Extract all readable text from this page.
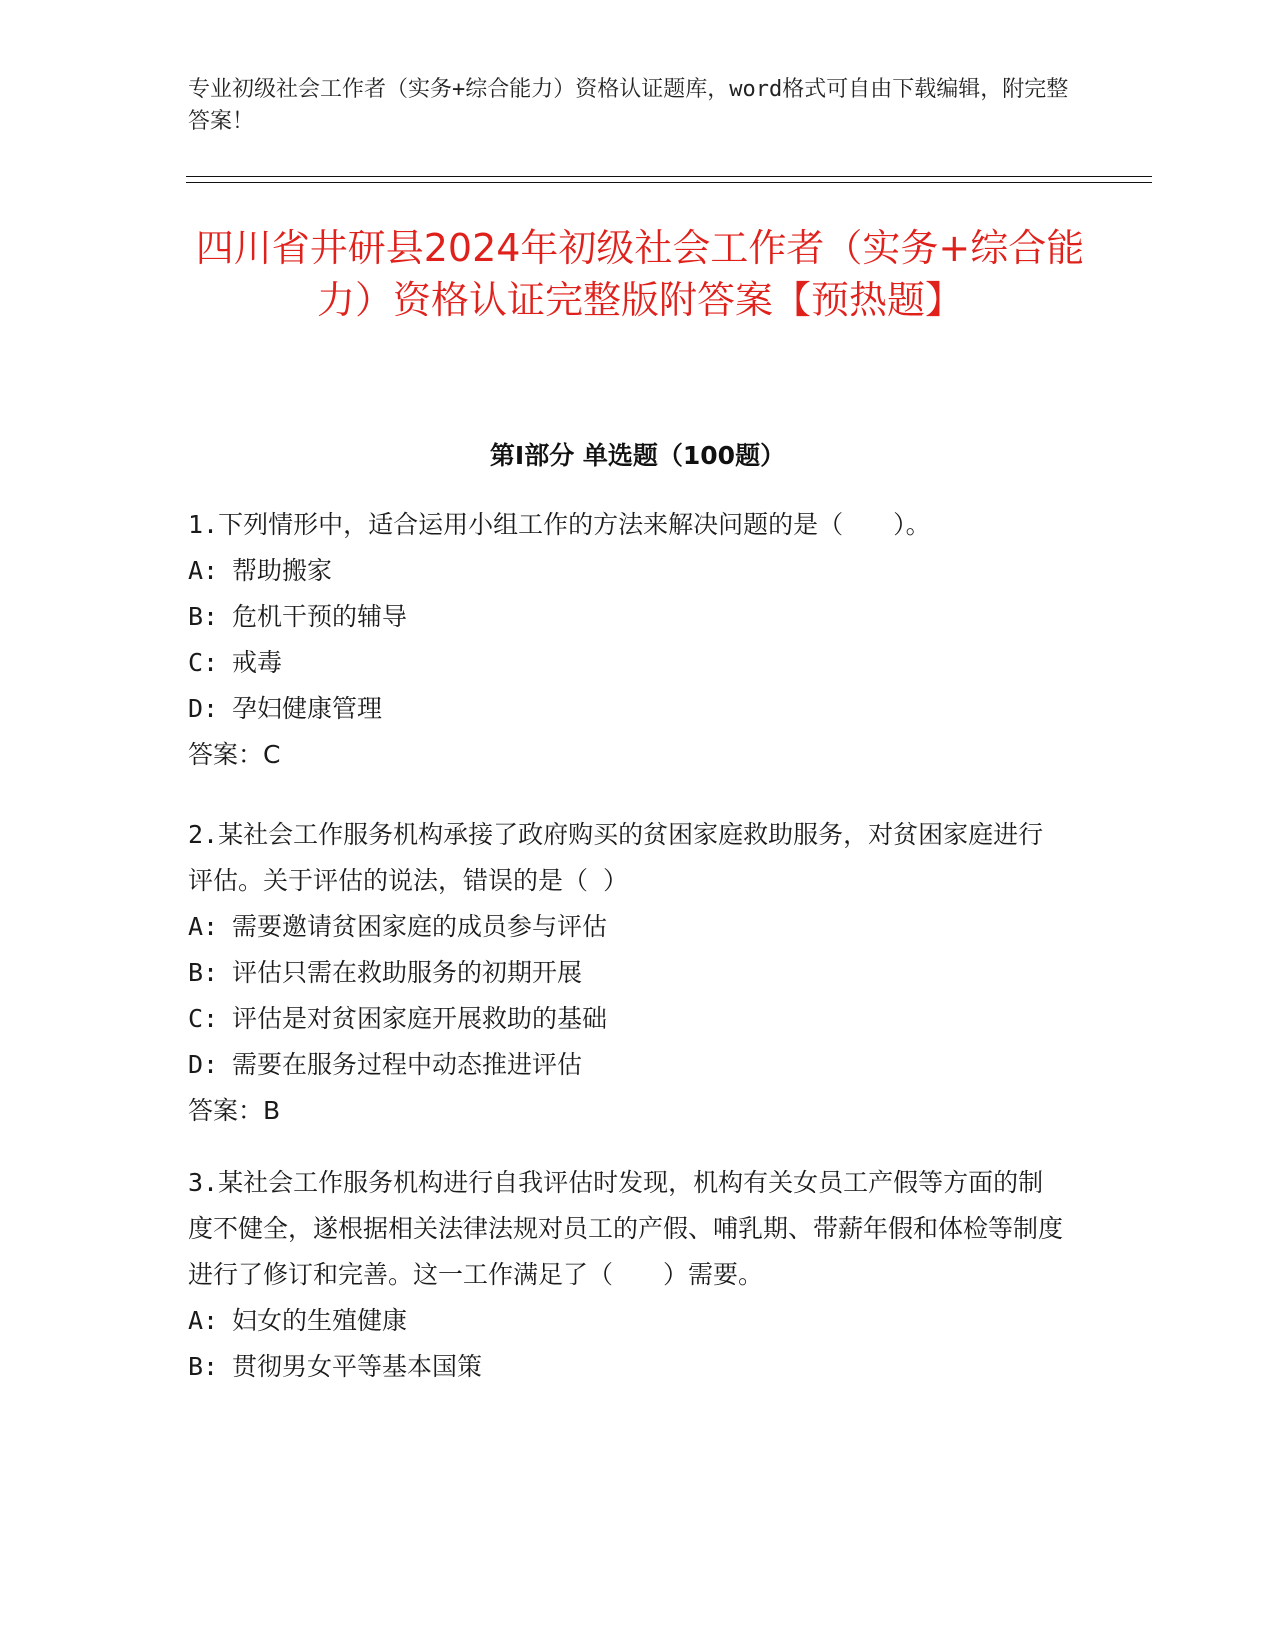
专业初级社会工作者（实务+综合能力）资格认证题库，word格式可自由下载编辑，附完整答案！
四川省井研县2024年初级社会工作者（实务+综合能力）资格认证完整版附答案【预热题】
第Ⅰ部分 单选题（100题）
1.下列情形中，适合运用小组工作的方法来解决问题的是（　　）。
A: 帮助搬家
B: 危机干预的辅导
C: 戒毒
D: 孕妇健康管理
答案：C
2.某社会工作服务机构承接了政府购买的贫困家庭救助服务，对贫困家庭进行评估。关于评估的说法，错误的是（ ）
A: 需要邀请贫困家庭的成员参与评估
B: 评估只需在救助服务的初期开展
C: 评估是对贫困家庭开展救助的基础
D: 需要在服务过程中动态推进评估
答案：B
3.某社会工作服务机构进行自我评估时发现，机构有关女员工产假等方面的制度不健全，遂根据相关法律法规对员工的产假、哺乳期、带薪年假和体检等制度进行了修订和完善。这一工作满足了（　　）需要。
A: 妇女的生殖健康
B: 贯彻男女平等基本国策
